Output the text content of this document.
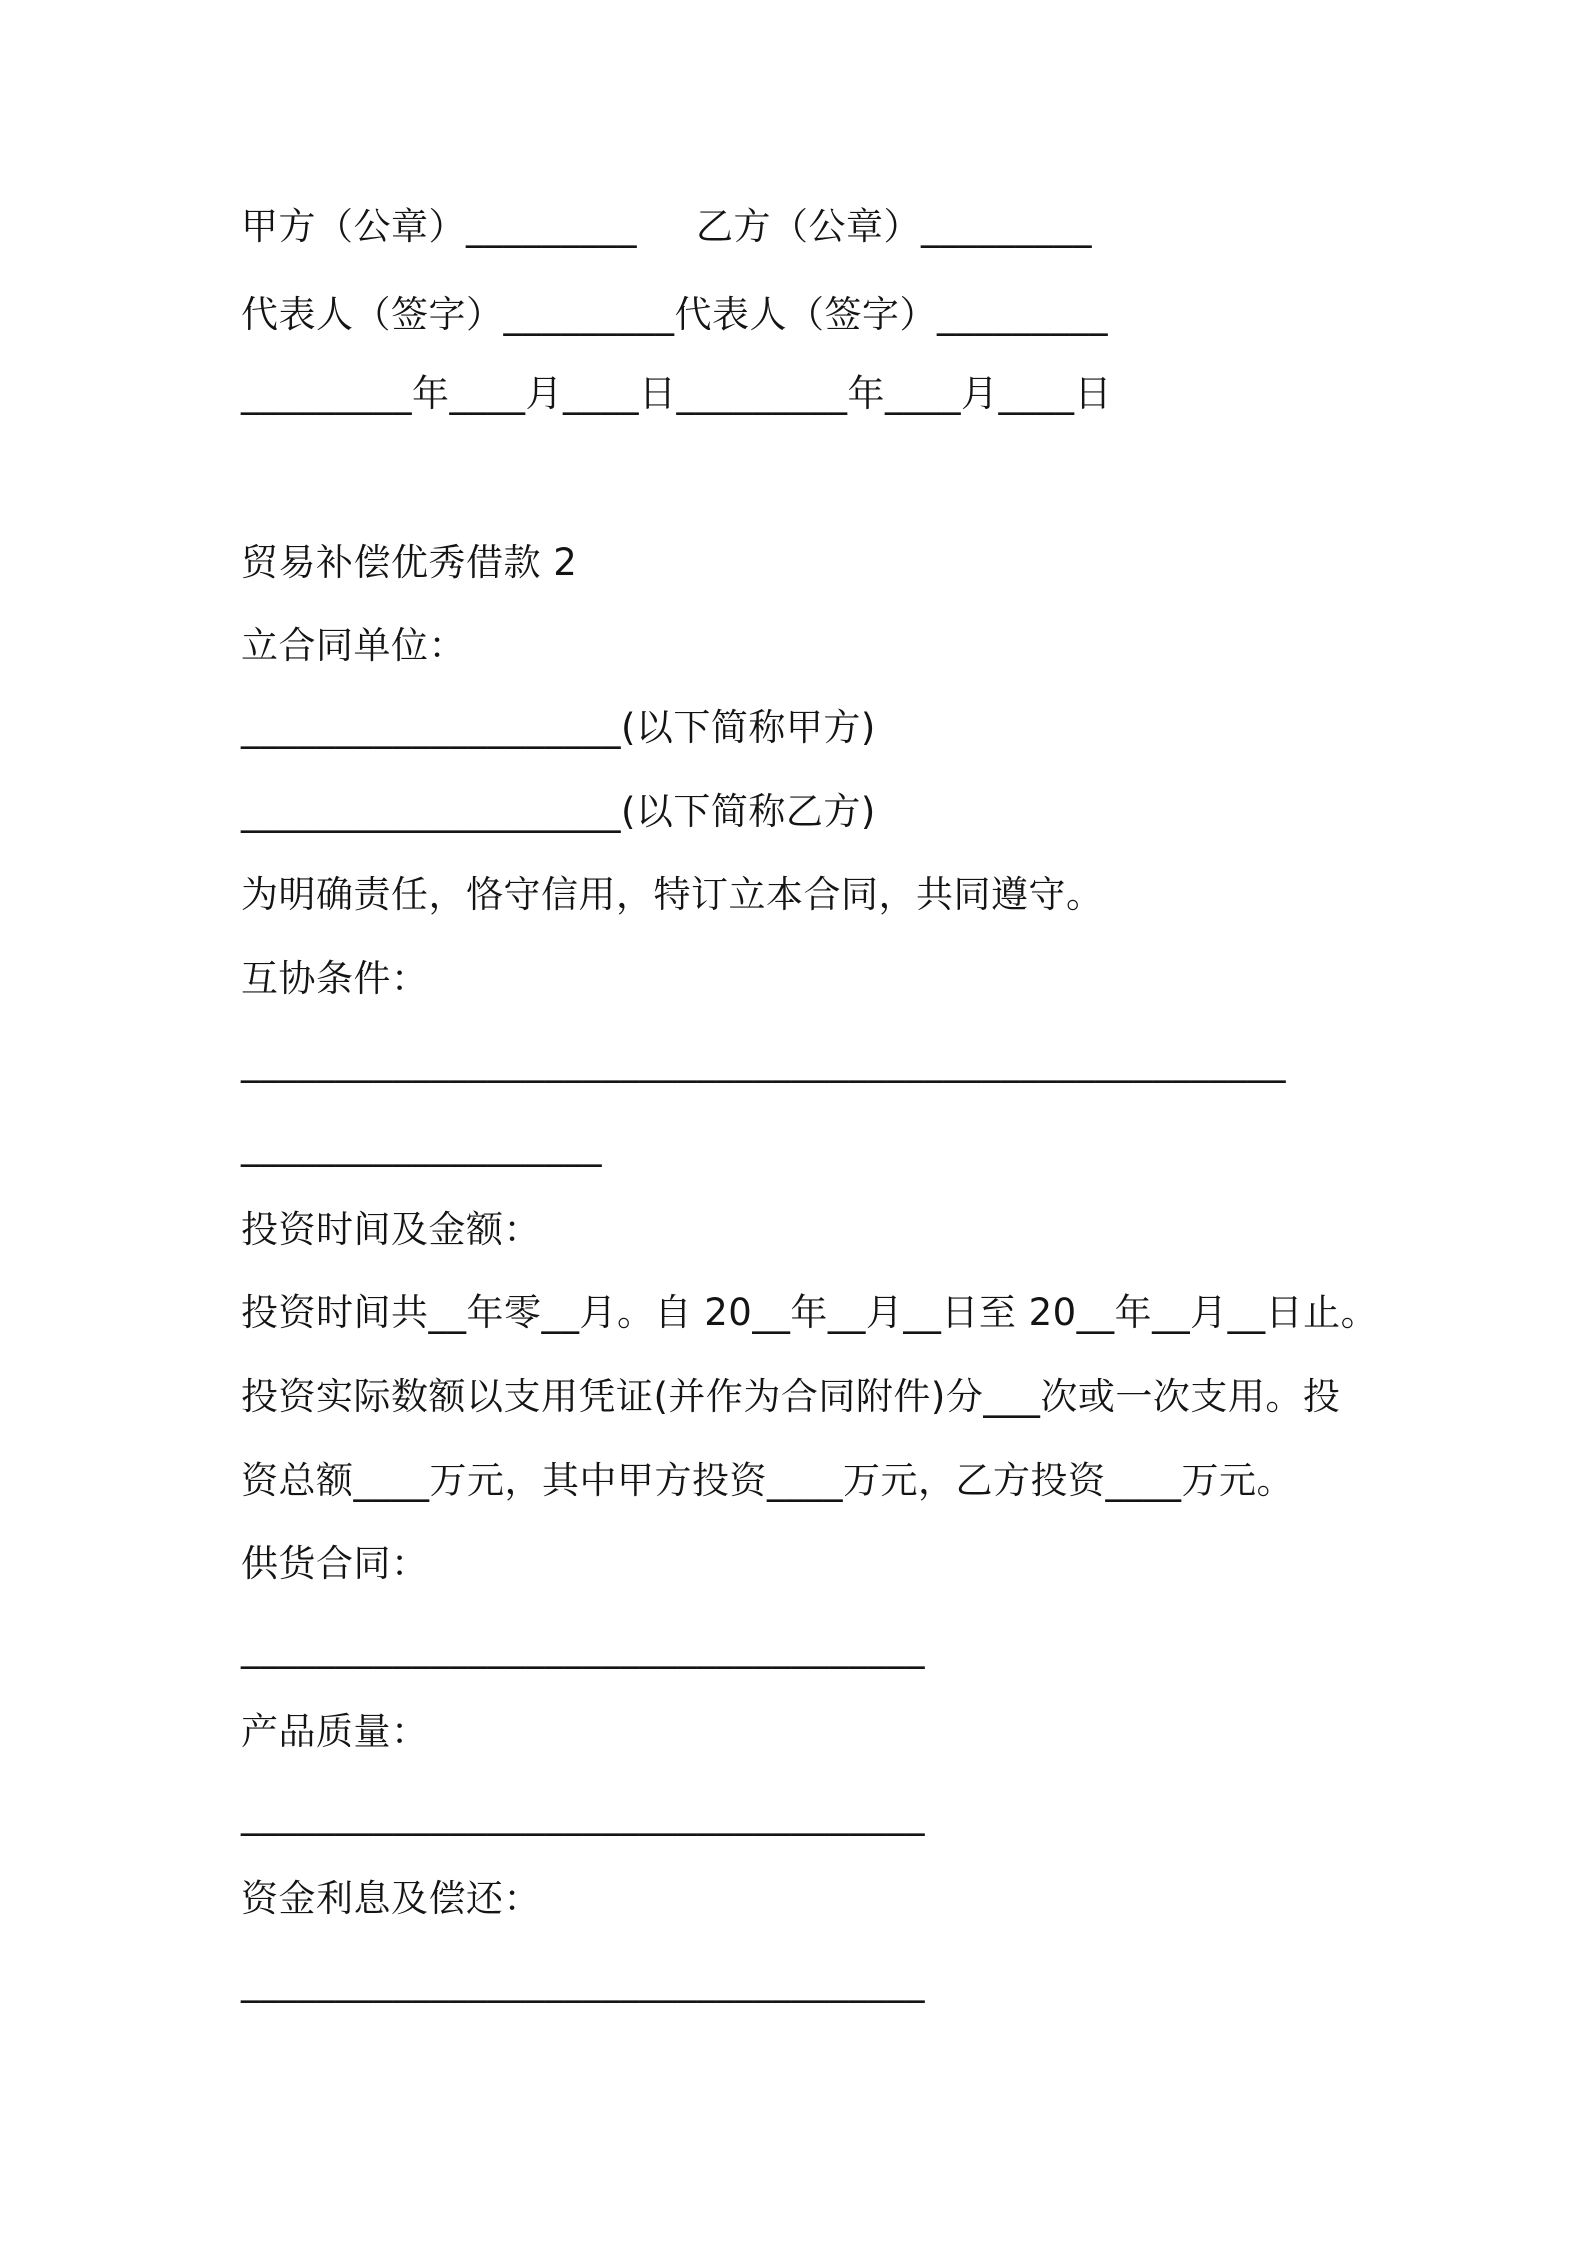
甲方（公章）_________ 乙方（公章）_________
代表人（签字）_________代表人（签字）_________
_________年____月____日_________年____月____日
贸易补偿优秀借款 2
立合同单位：
____________________(以下简称甲方)
____________________(以下简称乙方)
为明确责任，恪守信用，特订立本合同，共同遵守。
互协条件：
_______________________________________________________
___________________
投资时间及金额：
投资时间共__年零__月。自 20__年__月__日至 20__年__月__日止。
投资实际数额以支用凭证(并作为合同附件)分___次或一次支用。投
资总额____万元，其中甲方投资____万元，乙方投资____万元。
供货合同：
____________________________________
产品质量：
____________________________________
资金利息及偿还：
____________________________________
